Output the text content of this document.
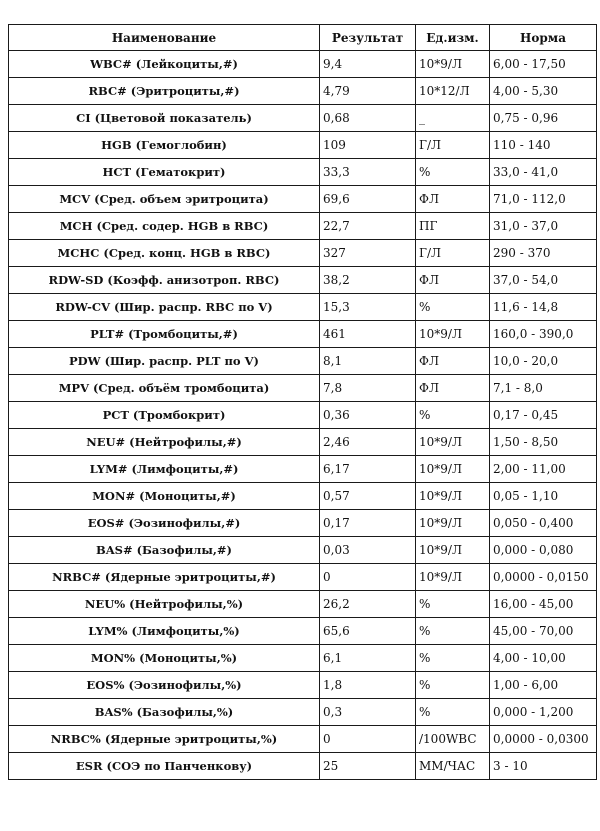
Наименование	Результат	Ед.изм.	Норма
WBC# (Лейкоциты,#)	9,4	10*9/Л	6,00 - 17,50
RBC# (Эритроциты,#)	4,79	10*12/Л	4,00 - 5,30
CI (Цветовой показатель)	0,68	_	0,75 - 0,96
HGB (Гемоглобин)	109	Г/Л	110 - 140
HCT (Гематокрит)	33,3	%	33,0 - 41,0
MCV (Сред. объем эритроцита)	69,6	ФЛ	71,0 - 112,0
MCH (Сред. содер. HGB в RBC)	22,7	ПГ	31,0 - 37,0
MCHC (Сред. конц. HGB в RBC)	327	Г/Л	290 - 370
RDW-SD (Коэфф. анизотроп. RBC)	38,2	ФЛ	37,0 - 54,0
RDW-CV (Шир. распр. RBC по V)	15,3	%	11,6 - 14,8
PLT# (Тромбоциты,#)	461	10*9/Л	160,0 - 390,0
PDW (Шир. распр. PLT по V)	8,1	ФЛ	10,0 - 20,0
MPV (Сред. объём тромбоцита)	7,8	ФЛ	7,1 - 8,0
PCT (Тромбокрит)	0,36	%	0,17 - 0,45
NEU# (Нейтрофилы,#)	2,46	10*9/Л	1,50 - 8,50
LYM# (Лимфоциты,#)	6,17	10*9/Л	2,00 - 11,00
MON# (Моноциты,#)	0,57	10*9/Л	0,05 - 1,10
EOS# (Эозинофилы,#)	0,17	10*9/Л	0,050 - 0,400
BAS# (Базофилы,#)	0,03	10*9/Л	0,000 - 0,080
NRBC# (Ядерные эритроциты,#)	0	10*9/Л	0,0000 - 0,0150
NEU% (Нейтрофилы,%)	26,2	%	16,00 - 45,00
LYM% (Лимфоциты,%)	65,6	%	45,00 - 70,00
MON% (Моноциты,%)	6,1	%	4,00 - 10,00
EOS% (Эозинофилы,%)	1,8	%	1,00 - 6,00
BAS% (Базофилы,%)	0,3	%	0,000 - 1,200
NRBC% (Ядерные эритроциты,%)	0	/100WBC	0,0000 - 0,0300
ESR (СОЭ по Панченкову)	25	ММ/ЧАС	3 - 10
